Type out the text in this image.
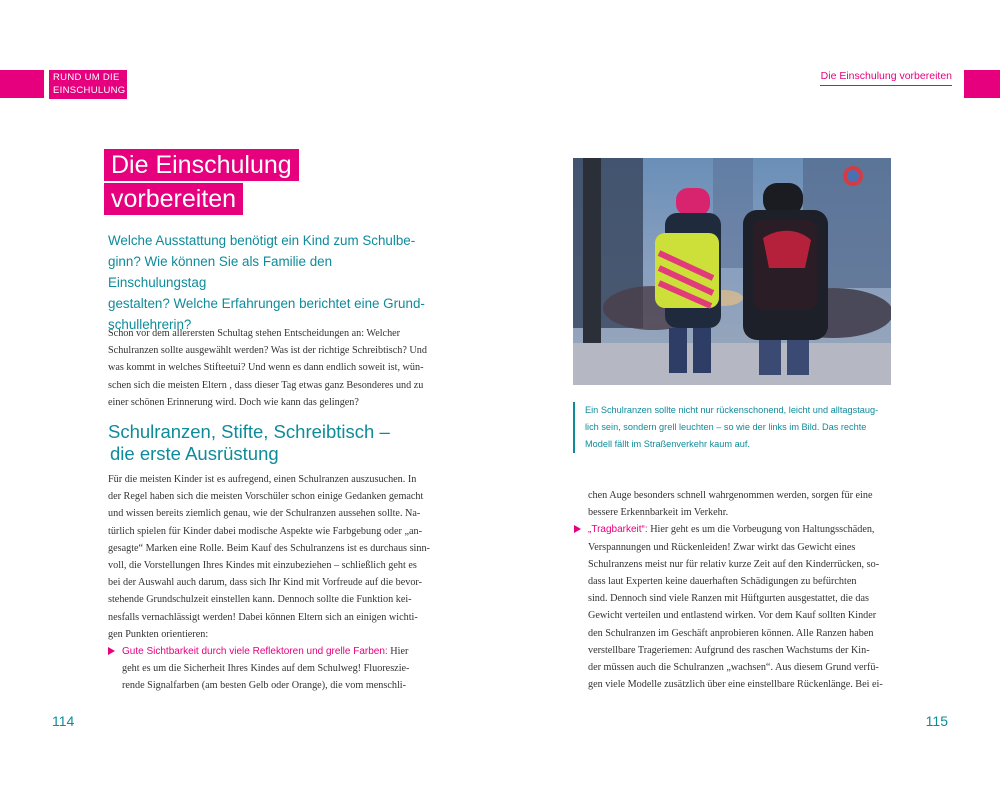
RUND UM DIE
EINSCHULUNG
Die Einschulung vorbereiten
Die Einschulung
vorbereiten
Welche Ausstattung benötigt ein Kind zum Schulbe-
ginn? Wie können Sie als Familie den Einschulungstag
gestalten? Welche Erfahrungen berichtet eine Grund-
schullehrerin?
Schon vor dem allerersten Schultag stehen Entscheidungen an: Welcher
Schulranzen sollte ausgewählt werden? Was ist der richtige Schreibtisch? Und
was kommt in welches Stifteetui? Und wenn es dann endlich soweit ist, wün-
schen sich die meisten Eltern , dass dieser Tag etwas ganz Besonderes und zu
einer schönen Erinnerung wird. Doch wie kann das gelingen?
Schulranzen, Stifte, Schreibtisch –
die erste Ausrüstung
Für die meisten Kinder ist es aufregend, einen Schulranzen auszusuchen. In
der Regel haben sich die meisten Vorschüler schon einige Gedanken gemacht
und wissen bereits ziemlich genau, wie der Schulranzen aussehen sollte. Na-
türlich spielen für Kinder dabei modische Aspekte wie Farbgebung oder „an-
gesagte“ Marken eine Rolle. Beim Kauf des Schulranzens ist es durchaus sinn-
voll, die Vorstellungen Ihres Kindes mit einzubeziehen – schließlich geht es
bei der Auswahl auch darum, dass sich Ihr Kind mit Vorfreude auf die bevor-
stehende Grundschulzeit einstellen kann. Dennoch sollte die Funktion kei-
nesfalls vernachlässigt werden! Dabei können Eltern sich an einigen wichti-
gen Punkten orientieren:
Gute Sichtbarkeit durch viele Reflektoren und grelle Farben: Hier
geht es um die Sicherheit Ihres Kindes auf dem Schulweg! Fluoreszie-
rende Signalfarben (am besten Gelb oder Orange), die vom menschli-
Ein Schulranzen sollte nicht nur rückenschonend, leicht und alltagstaug-
lich sein, sondern grell leuchten – so wie der links im Bild. Das rechte
Modell fällt im Straßenverkehr kaum auf.
chen Auge besonders schnell wahrgenommen werden, sorgen für eine
bessere Erkennbarkeit im Verkehr.
„Tragbarkeit“: Hier geht es um die Vorbeugung von Haltungsschäden,
Verspannungen und Rückenleiden! Zwar wirkt das Gewicht eines
Schulranzens meist nur für relativ kurze Zeit auf den Kinderrücken, so-
dass laut Experten keine dauerhaften Schädigungen zu befürchten
sind. Dennoch sind viele Ranzen mit Hüftgurten ausgestattet, die das
Gewicht verteilen und entlastend wirken. Vor dem Kauf sollten Kinder
den Schulranzen im Geschäft anprobieren können. Alle Ranzen haben
verstellbare Trageriemen: Aufgrund des raschen Wachstums der Kin-
der müssen auch die Schulranzen „wachsen“. Aus diesem Grund verfü-
gen viele Modelle zusätzlich über eine einstellbare Rückenlänge. Bei ei-
114	115
